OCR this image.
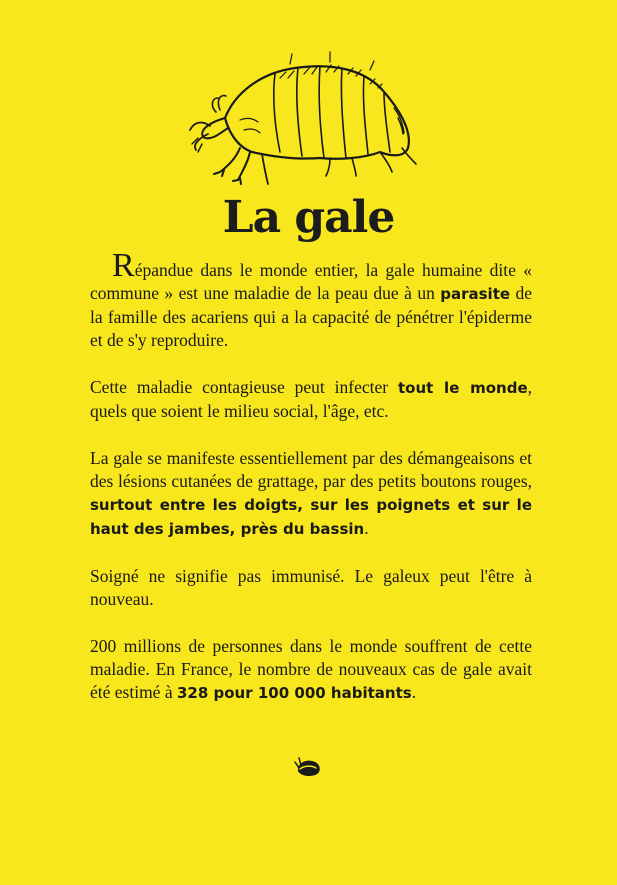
La gale

Répandue dans le monde entier, la gale humaine dite « commune » est une maladie de la peau due à un parasite de la famille des acariens qui a la capacité de pénétrer l'épiderme et de s'y reproduire.

Cette maladie contagieuse peut infecter tout le monde, quels que soient le milieu social, l'âge, etc.

La gale se manifeste essentiellement par des démangeaisons et des lésions cutanées de grattage, par des petits boutons rouges, surtout entre les doigts, sur les poignets et sur le haut des jambes, près du bassin.

Soigné ne signifie pas immunisé. Le galeux peut l'être à nouveau.

200 millions de personnes dans le monde souffrent de cette maladie. En France, le nombre de nouveaux cas de gale avait été estimé à 328 pour 100 000 habitants.
